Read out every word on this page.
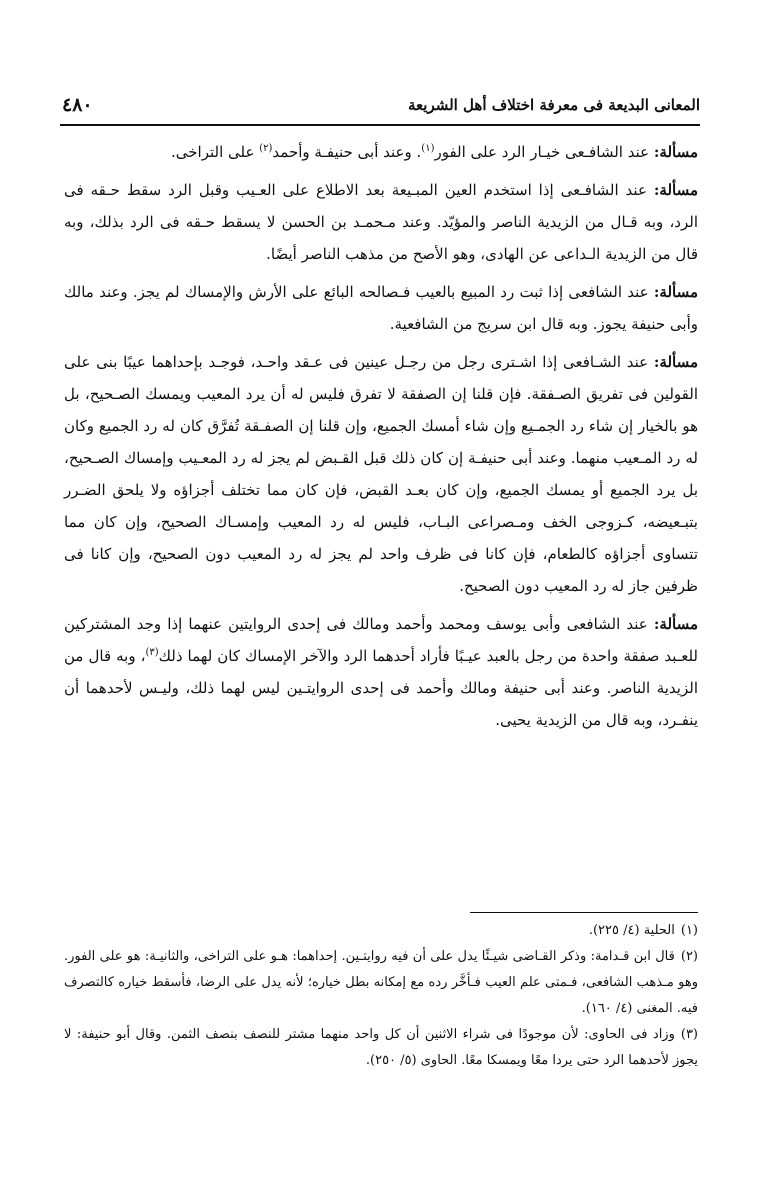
المعانى البديعة فى معرفة اختلاف أهل الشريعة
٤٨٠

مسألة: عند الشافـعى خيـار الرد على الفور$^{(١)}$. وعند أبى حنيفـة وأحمد$^{(٢)}$ على التراخى.

مسألة: عند الشافـعى إذا استخدم العين المبـيعة بعد الاطلاع على العـيب وقبل الرد سقط حـقه فى الرد، وبه قـال من الزيدية الناصر والمؤيّد. وعند مـحمـد بن الحسن لا يسقط حـقه فى الرد بذلك، وبه قال من الزيدية الـداعى عن الهادى، وهو الأصح من مذهب الناصر أيضًا.

مسألة: عند الشافعى إذا ثبت رد المبيع بالعيب فـصالحه البائع على الأرش والإمساك لم يجز. وعند مالك وأبى حنيفة يجوز. وبه قال ابن سريج من الشافعية.

مسألة: عند الشـافعى إذا اشـترى رجل من رجـل عينين فى عـقد واحـد، فوجـد بإحداهما عيبًا بنى على القولين فى تفريق الصـفقة. فإن قلنا إن الصفقة لا تفرق فليس له أن يرد المعيب ويمسك الصـحيح، بل هو بالخيار إن شاء رد الجمـيع وإن شاء أمسك الجميع، وإن قلنا إن الصفـقة تُفرَّق كان له رد الجميع وكان له رد المـعيب منهما. وعند أبى حنيفـة إن كان ذلك قبل القـبض لم يجز له رد المعـيب وإمساك الصـحيح، بل يرد الجميع أو يمسك الجميع، وإن كان بعـد القبض، فإن كان مما تختلف أجزاؤه ولا يلحق الضـرر بتبـعيضه، كـزوجى الخف ومـصراعى البـاب، فليس له رد المعيب وإمسـاك الصحيح، وإن كان مما تتساوى أجزاؤه كالطعام، فإن كانا فى ظرف واحد لم يجز له رد المعيب دون الصحيح، وإن كانا فى ظرفين جاز له رد المعيب دون الصحيح.

مسألة: عند الشافعى وأبى يوسف ومحمد وأحمد ومالك فى إحدى الروايتين عنهما إذا وجد المشتركين للعـبد صفقة واحدة من رجل بالعبد عيـبًا فأراد أحدهما الرد والآخر الإمساك كان لهما ذلك$^{(٣)}$، وبه قال من الزيدية الناصر. وعند أبى حنيفة ومالك وأحمد فى إحدى الروايتـين ليس لهما ذلك، وليـس لأحدهما أن ينفـرد، وبه قال من الزيدية يحيى.

(١)الحلية (٤/ ٢٢٥).

(٢)قال ابن قـدامة: وذكر القـاضى شيـئًا يدل على أن فيه روايتـين. إحداهما: هـو على التراخى، والثانيـة: هو على الفور. وهو مـذهب الشافعى، فـمتى علم العيب فـأخَّر رده مع إمكانه بطل خياره؛ لأنه يدل على الرضا، فأسقط خياره كالتصرف فيه. المغنى (٤/ ١٦٠).

(٣)وزاد فى الحاوى: لأن موجودًا فى شراء الاثنين أن كل واحد منهما مشتر للنصف بنصف الثمن. وقال أبو حنيفة: لا يجوز لأحدهما الرد حتى يردا معًا ويمسكا معًا. الحاوى (٥/ ٢٥٠).
